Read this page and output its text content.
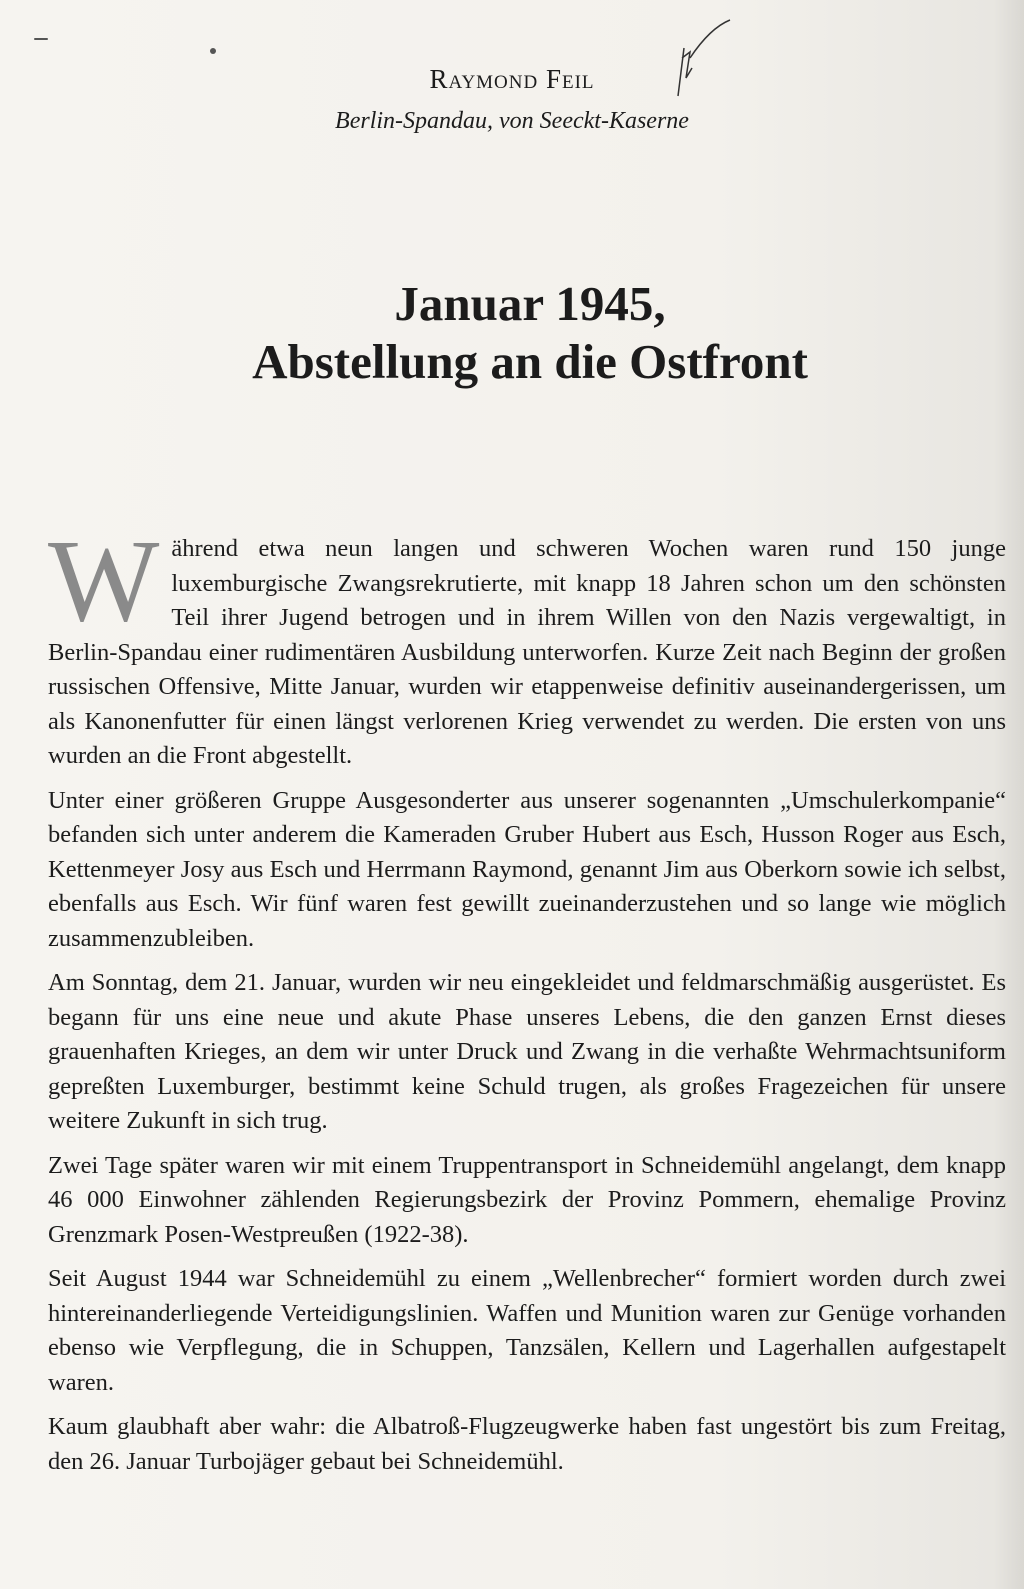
Raymond Feil
Berlin-Spandau, von Seeckt-Kaserne
Januar 1945,
Abstellung an die Ostfront

Während etwa neun langen und schweren Wochen waren rund 150 junge luxemburgische Zwangsrekrutierte, mit knapp 18 Jahren schon um den schönsten Teil ihrer Jugend betrogen und in ihrem Willen von den Nazis vergewaltigt, in Berlin-Spandau einer rudimentären Ausbildung unterworfen. Kurze Zeit nach Beginn der großen russischen Offensive, Mitte Januar, wurden wir etappenweise definitiv auseinandergerissen, um als Kanonenfutter für einen längst verlorenen Krieg verwendet zu werden. Die ersten von uns wurden an die Front abgestellt.

Unter einer größeren Gruppe Ausgesonderter aus unserer sogenannten „Umschulerkompanie“ befanden sich unter anderem die Kameraden Gruber Hubert aus Esch, Husson Roger aus Esch, Kettenmeyer Josy aus Esch und Herrmann Raymond, genannt Jim aus Oberkorn sowie ich selbst, ebenfalls aus Esch. Wir fünf waren fest gewillt zueinanderzustehen und so lange wie möglich zusammenzubleiben.

Am Sonntag, dem 21. Januar, wurden wir neu eingekleidet und feldmarschmäßig ausgerüstet. Es begann für uns eine neue und akute Phase unseres Lebens, die den ganzen Ernst dieses grauenhaften Krieges, an dem wir unter Druck und Zwang in die verhaßte Wehrmachtsuniform gepreßten Luxemburger, bestimmt keine Schuld trugen, als großes Fragezeichen für unsere weitere Zukunft in sich trug.

Zwei Tage später waren wir mit einem Truppentransport in Schneidemühl angelangt, dem knapp 46 000 Einwohner zählenden Regierungsbezirk der Provinz Pommern, ehemalige Provinz Grenzmark Posen-Westpreußen (1922-38).

Seit August 1944 war Schneidemühl zu einem „Wellenbrecher“ formiert worden durch zwei hintereinanderliegende Verteidigungslinien. Waffen und Munition waren zur Genüge vorhanden ebenso wie Verpflegung, die in Schuppen, Tanzsälen, Kellern und Lagerhallen aufgestapelt waren.

Kaum glaubhaft aber wahr: die Albatroß-Flugzeugwerke haben fast ungestört bis zum Freitag, den 26. Januar Turbojäger gebaut bei Schneidemühl.
